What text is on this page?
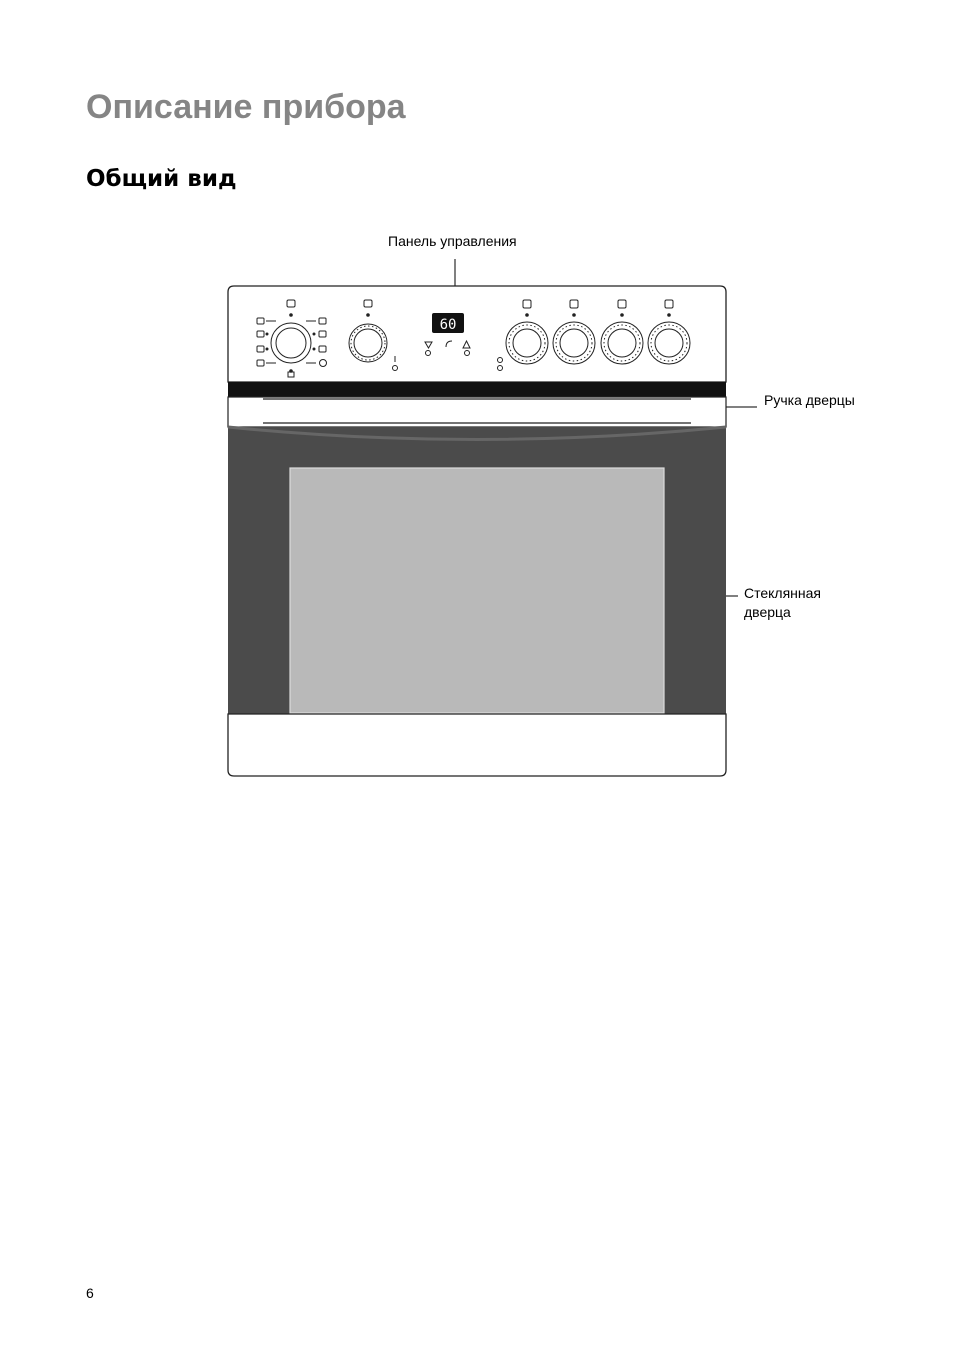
Описание прибора
Общий вид
Панель управления
Ручка дверцы
Стеклянная
дверца
60
6
